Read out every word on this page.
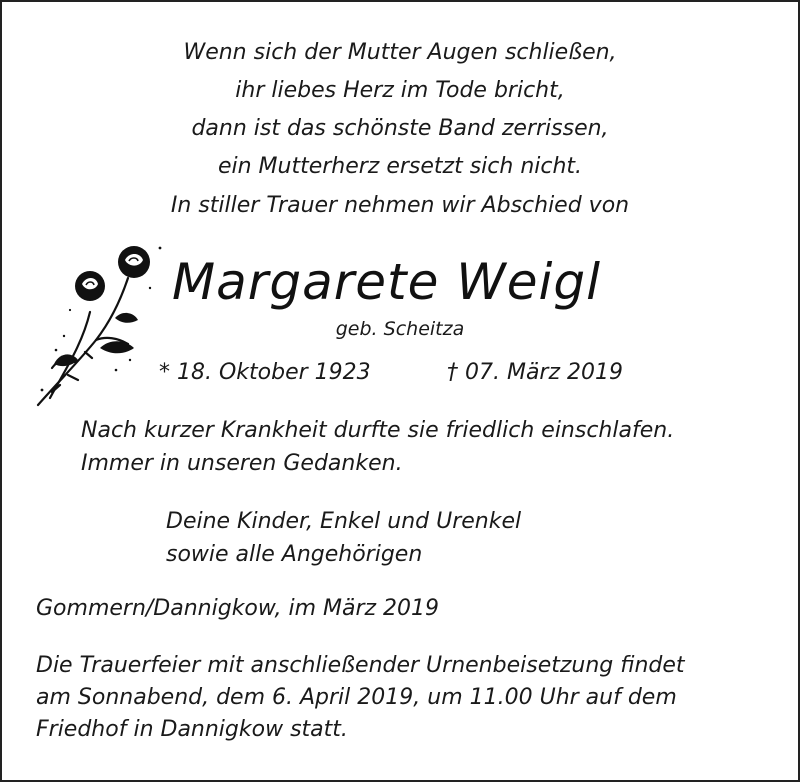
Wenn sich der Mutter Augen schließen,
ihr liebes Herz im Tode bricht,
dann ist das schönste Band zerrissen,
ein Mutterherz ersetzt sich nicht.
In stiller Trauer nehmen wir Abschied von
Margarete Weigl
geb. Scheitza
* 18. Oktober 1923	† 07. März 2019
Nach kurzer Krankheit durfte sie friedlich einschlafen.
Immer in unseren Gedanken.
Deine Kinder, Enkel und Urenkel
sowie alle Angehörigen
Gommern/Dannigkow, im März 2019
Die Trauerfeier mit anschließender Urnenbeisetzung findet
am Sonnabend, dem 6. April 2019, um 11.00 Uhr auf dem
Friedhof in Dannigkow statt.
